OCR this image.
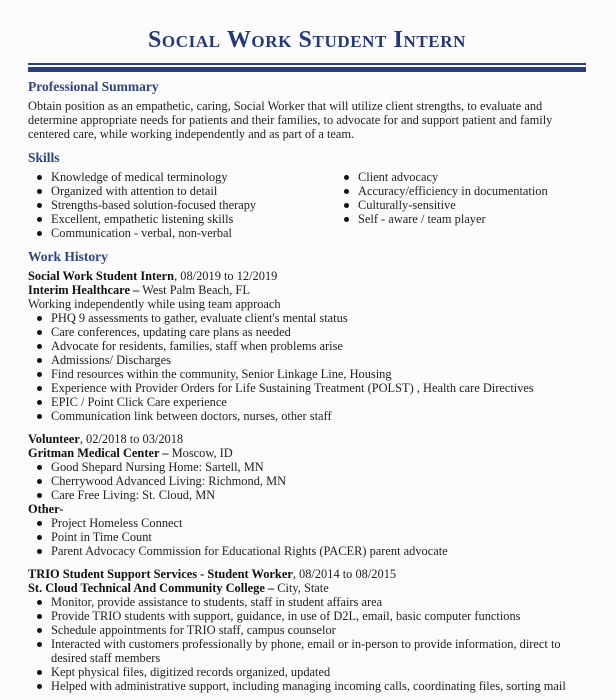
Social Work Student Intern
Professional Summary
Obtain position as an empathetic, caring, Social Worker that will utilize client strengths, to evaluate and determine appropriate needs for patients and their families, to advocate for and support patient and family centered care, while working independently and as part of a team.
Skills
Knowledge of medical terminology
Organized with attention to detail
Strengths-based solution-focused therapy
Excellent, empathetic listening skills
Communication - verbal, non-verbal
Client advocacy
Accuracy/efficiency in documentation
Culturally-sensitive
Self - aware / team player
Work History
Social Work Student Intern, 08/2019 to 12/2019
Interim Healthcare – West Palm Beach, FL
Working independently while using team approach
PHQ 9 assessments to gather, evaluate client's mental status
Care conferences, updating care plans as needed
Advocate for residents, families, staff when problems arise
Admissions/ Discharges
Find resources within the community, Senior Linkage Line, Housing
Experience with Provider Orders for Life Sustaining Treatment (POLST) , Health care Directives
EPIC / Point Click Care experience
Communication link between doctors, nurses, other staff
Volunteer, 02/2018 to 03/2018
Gritman Medical Center – Moscow, ID
Good Shepard Nursing Home: Sartell, MN
Cherrywood Advanced Living: Richmond, MN
Care Free Living: St. Cloud, MN
Other-
Project Homeless Connect
Point in Time Count
Parent Advocacy Commission for Educational Rights (PACER) parent advocate
TRIO Student Support Services - Student Worker, 08/2014 to 08/2015
St. Cloud Technical And Community College – City, State
Monitor, provide assistance to students, staff in student affairs area
Provide TRIO students with support, guidance, in use of D2L, email, basic computer functions
Schedule appointments for TRIO staff, campus counselor
Interacted with customers professionally by phone, email or in-person to provide information, direct to desired staff members
Kept physical files, digitized records organized, updated
Helped with administrative support, including managing incoming calls, coordinating files, sorting mail
